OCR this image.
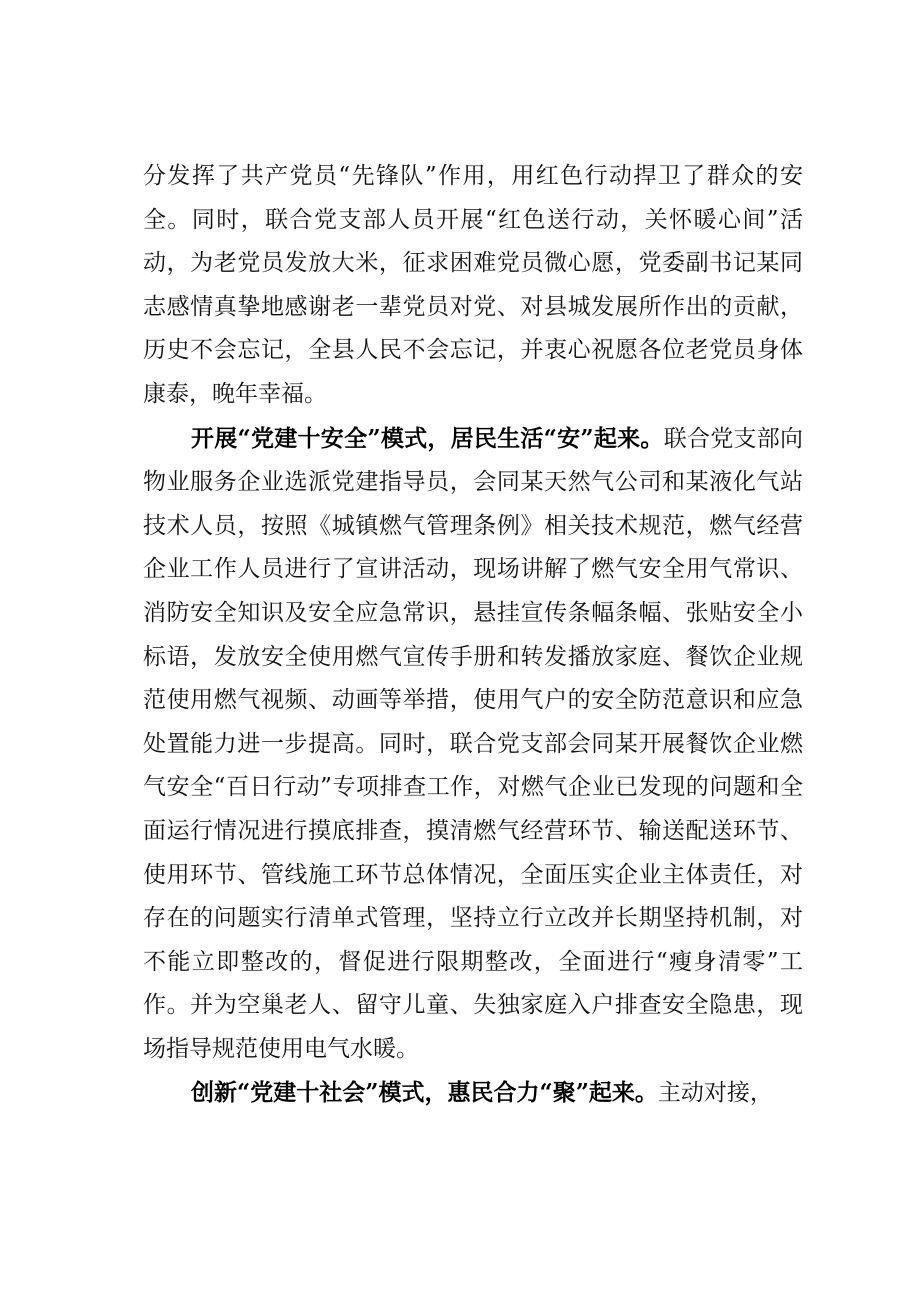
分发挥了共产党员“先锋队”作用，用红色行动捍卫了群众的安全。同时，联合党支部人员开展“红色送行动，关怀暖心间”活动，为老党员发放大米，征求困难党员微心愿，党委副书记某同志感情真挚地感谢老一辈党员对党、对县城发展所作出的贡献，历史不会忘记，全县人民不会忘记，并衷心祝愿各位老党员身体康泰，晚年幸福。

开展“党建十安全”模式，居民生活“安”起来。联合党支部向物业服务企业选派党建指导员，会同某天然气公司和某液化气站技术人员，按照《城镇燃气管理条例》相关技术规范，燃气经营企业工作人员进行了宣讲活动，现场讲解了燃气安全用气常识、消防安全知识及安全应急常识，悬挂宣传条幅条幅、张贴安全小标语，发放安全使用燃气宣传手册和转发播放家庭、餐饮企业规范使用燃气视频、动画等举措，使用气户的安全防范意识和应急处置能力进一步提高。同时，联合党支部会同某开展餐饮企业燃气安全“百日行动”专项排查工作，对燃气企业已发现的问题和全面运行情况进行摸底排查，摸清燃气经营环节、输送配送环节、使用环节、管线施工环节总体情况，全面压实企业主体责任，对存在的问题实行清单式管理，坚持立行立改并长期坚持机制，对不能立即整改的，督促进行限期整改，全面进行“瘦身清零”工作。并为空巢老人、留守儿童、失独家庭入户排查安全隐患，现场指导规范使用电气水暖。

创新“党建十社会”模式，惠民合力“聚”起来。主动对接，
